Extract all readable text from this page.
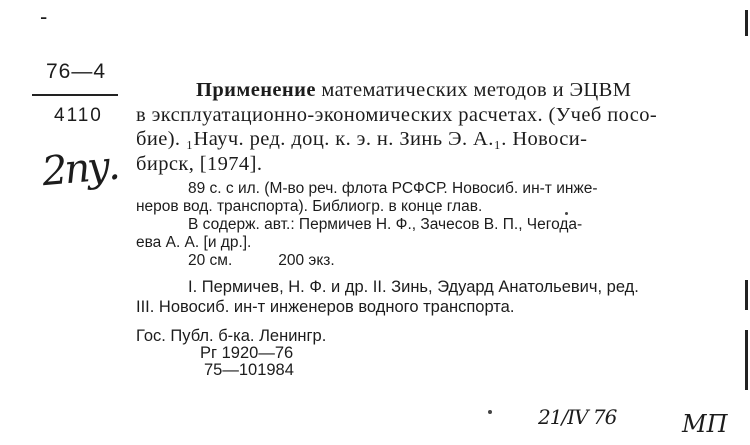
-
76—4
4110
2пу.
Применение математических методов и ЭЦВМ
в эксплуатационно-экономических расчетах. (Учеб посо-
бие). ₁Науч. ред. доц. к. э. н. Зинь Э. А.₁. Новоси-
бирск, [1974].
89 с. с ил. (М-во реч. флота РСФСР. Новосиб. ин-т инже-
неров вод. транспорта). Библиогр. в конце глав.
В содерж. авт.: Пермичев Н. Ф., Зачесов В. П., Чегода-
ева А. А. [и др.].
20 см.	200 экз.
I. Пермичев, Н. Ф. и др. II. Зинь, Эдуард Анатольевич, ред.
III. Новосиб. ин-т инженеров водного транспорта.
Гос. Публ. б-ка. Ленингр.
Рг 1920—76
75—101984
21/IV 76	МП
